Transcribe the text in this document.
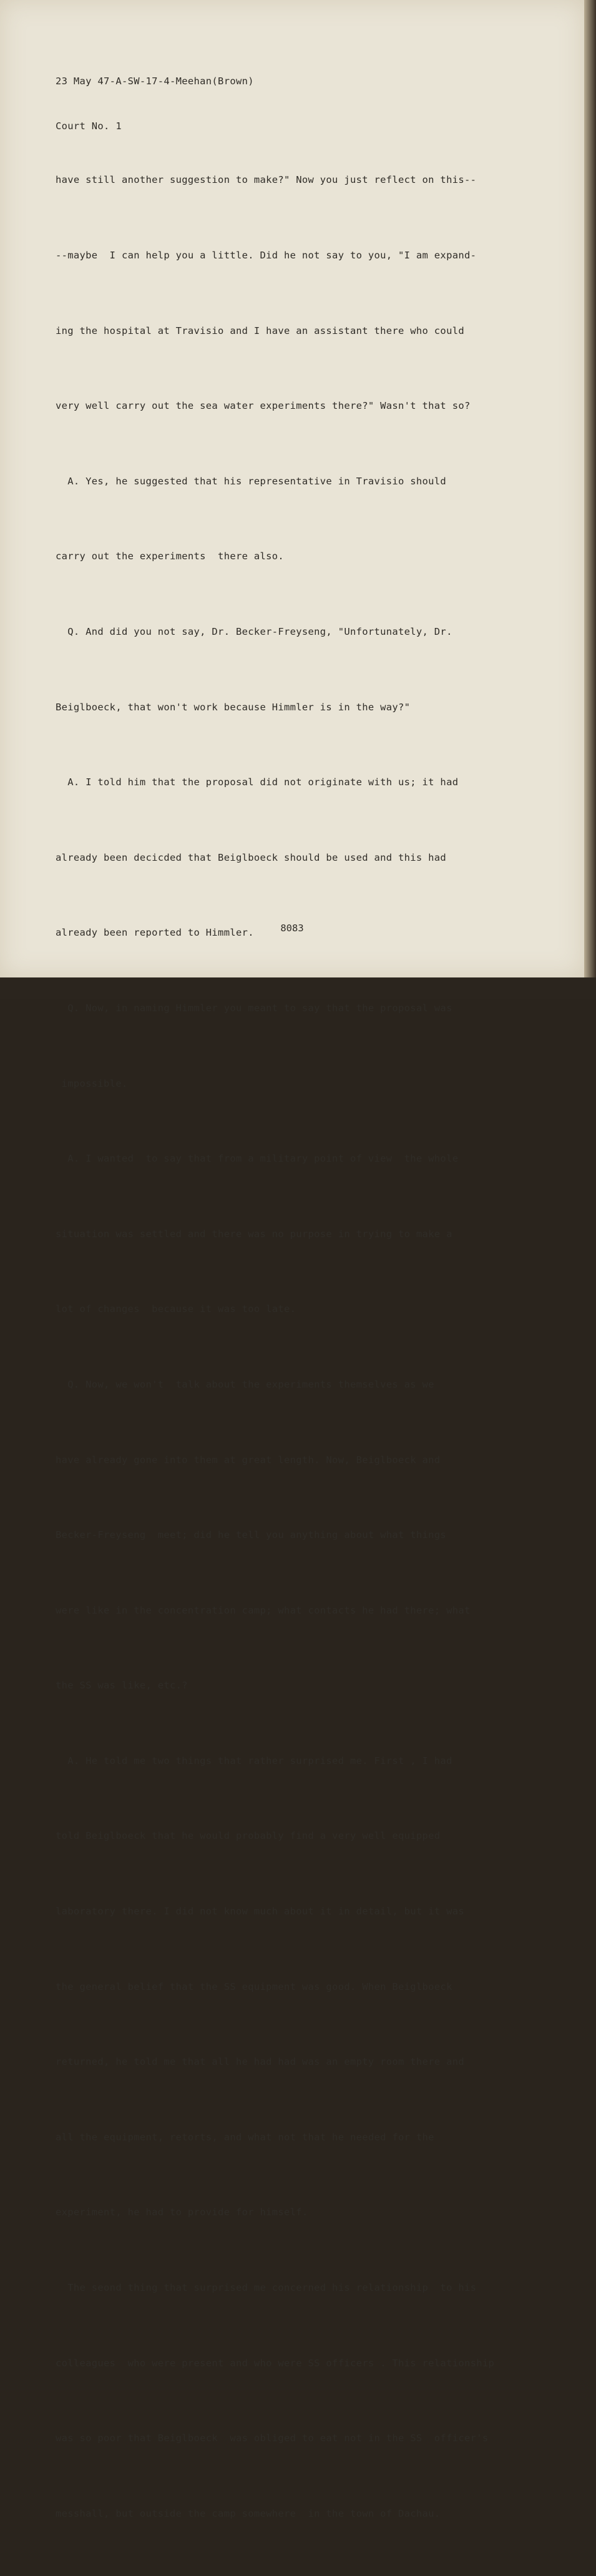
23 May 47-A-SW-17-4-Meehan(Brown)

Court No. 1

have still another suggestion to make?" Now you just reflect on this--

--maybe  I can help you a little. Did he not say to you, "I am expand-

ing the hospital at Travisio and I have an assistant there who could

very well carry out the sea water experiments there?" Wasn't that so?

A. Yes, he suggested that his representative in Travisio should

carry out the experiments  there also.

Q. And did you not say, Dr. Becker-Freyseng, "Unfortunately, Dr.

Beiglboeck, that won't work because Himmler is in the way?"

A. I told him that the proposal did not originate with us; it had

already been decicded that Beiglboeck should be used and this had

already been reported to Himmler.

Q. Now, in naming Himmler you meant to say that the proposal was

impossible.

A. I wanted  to say that from a military point of view  the whole

situation was settled and there was no purpose in trying to make a

lot of changes  because it was too late.

Q. Now, we won't  talk about the experiments themselves as we

have already gone into them at great length. Now, Beiglboeck and

Becker-Freyseng  meet; did he tell you anything about what things

were like in the concentration camp; what contacts he had there; what

the SS was like, etc.?

A. He told me two things that rather surprised me. First , I had

told Beiglboeck that he would probably find a very well equipped

laboratory there. I did not know much about it in detail, but it was

the general belief that the SS equipment was good. When Beiglboeck

returned, he told me that all he had had was an empty room there and

all the equipment, retorts, and what not that he needed for the

experiment, he had to provide for himself.

The seond thing that surprised me concerned his relationship  to his

colleagues  who were present and who were SS officers . This relationship

was so poor that Beiglboeck  was obliged to eat not in the SS  officer's

messhall, but outside the camp somewhere  in the town of Dachau.

8083
